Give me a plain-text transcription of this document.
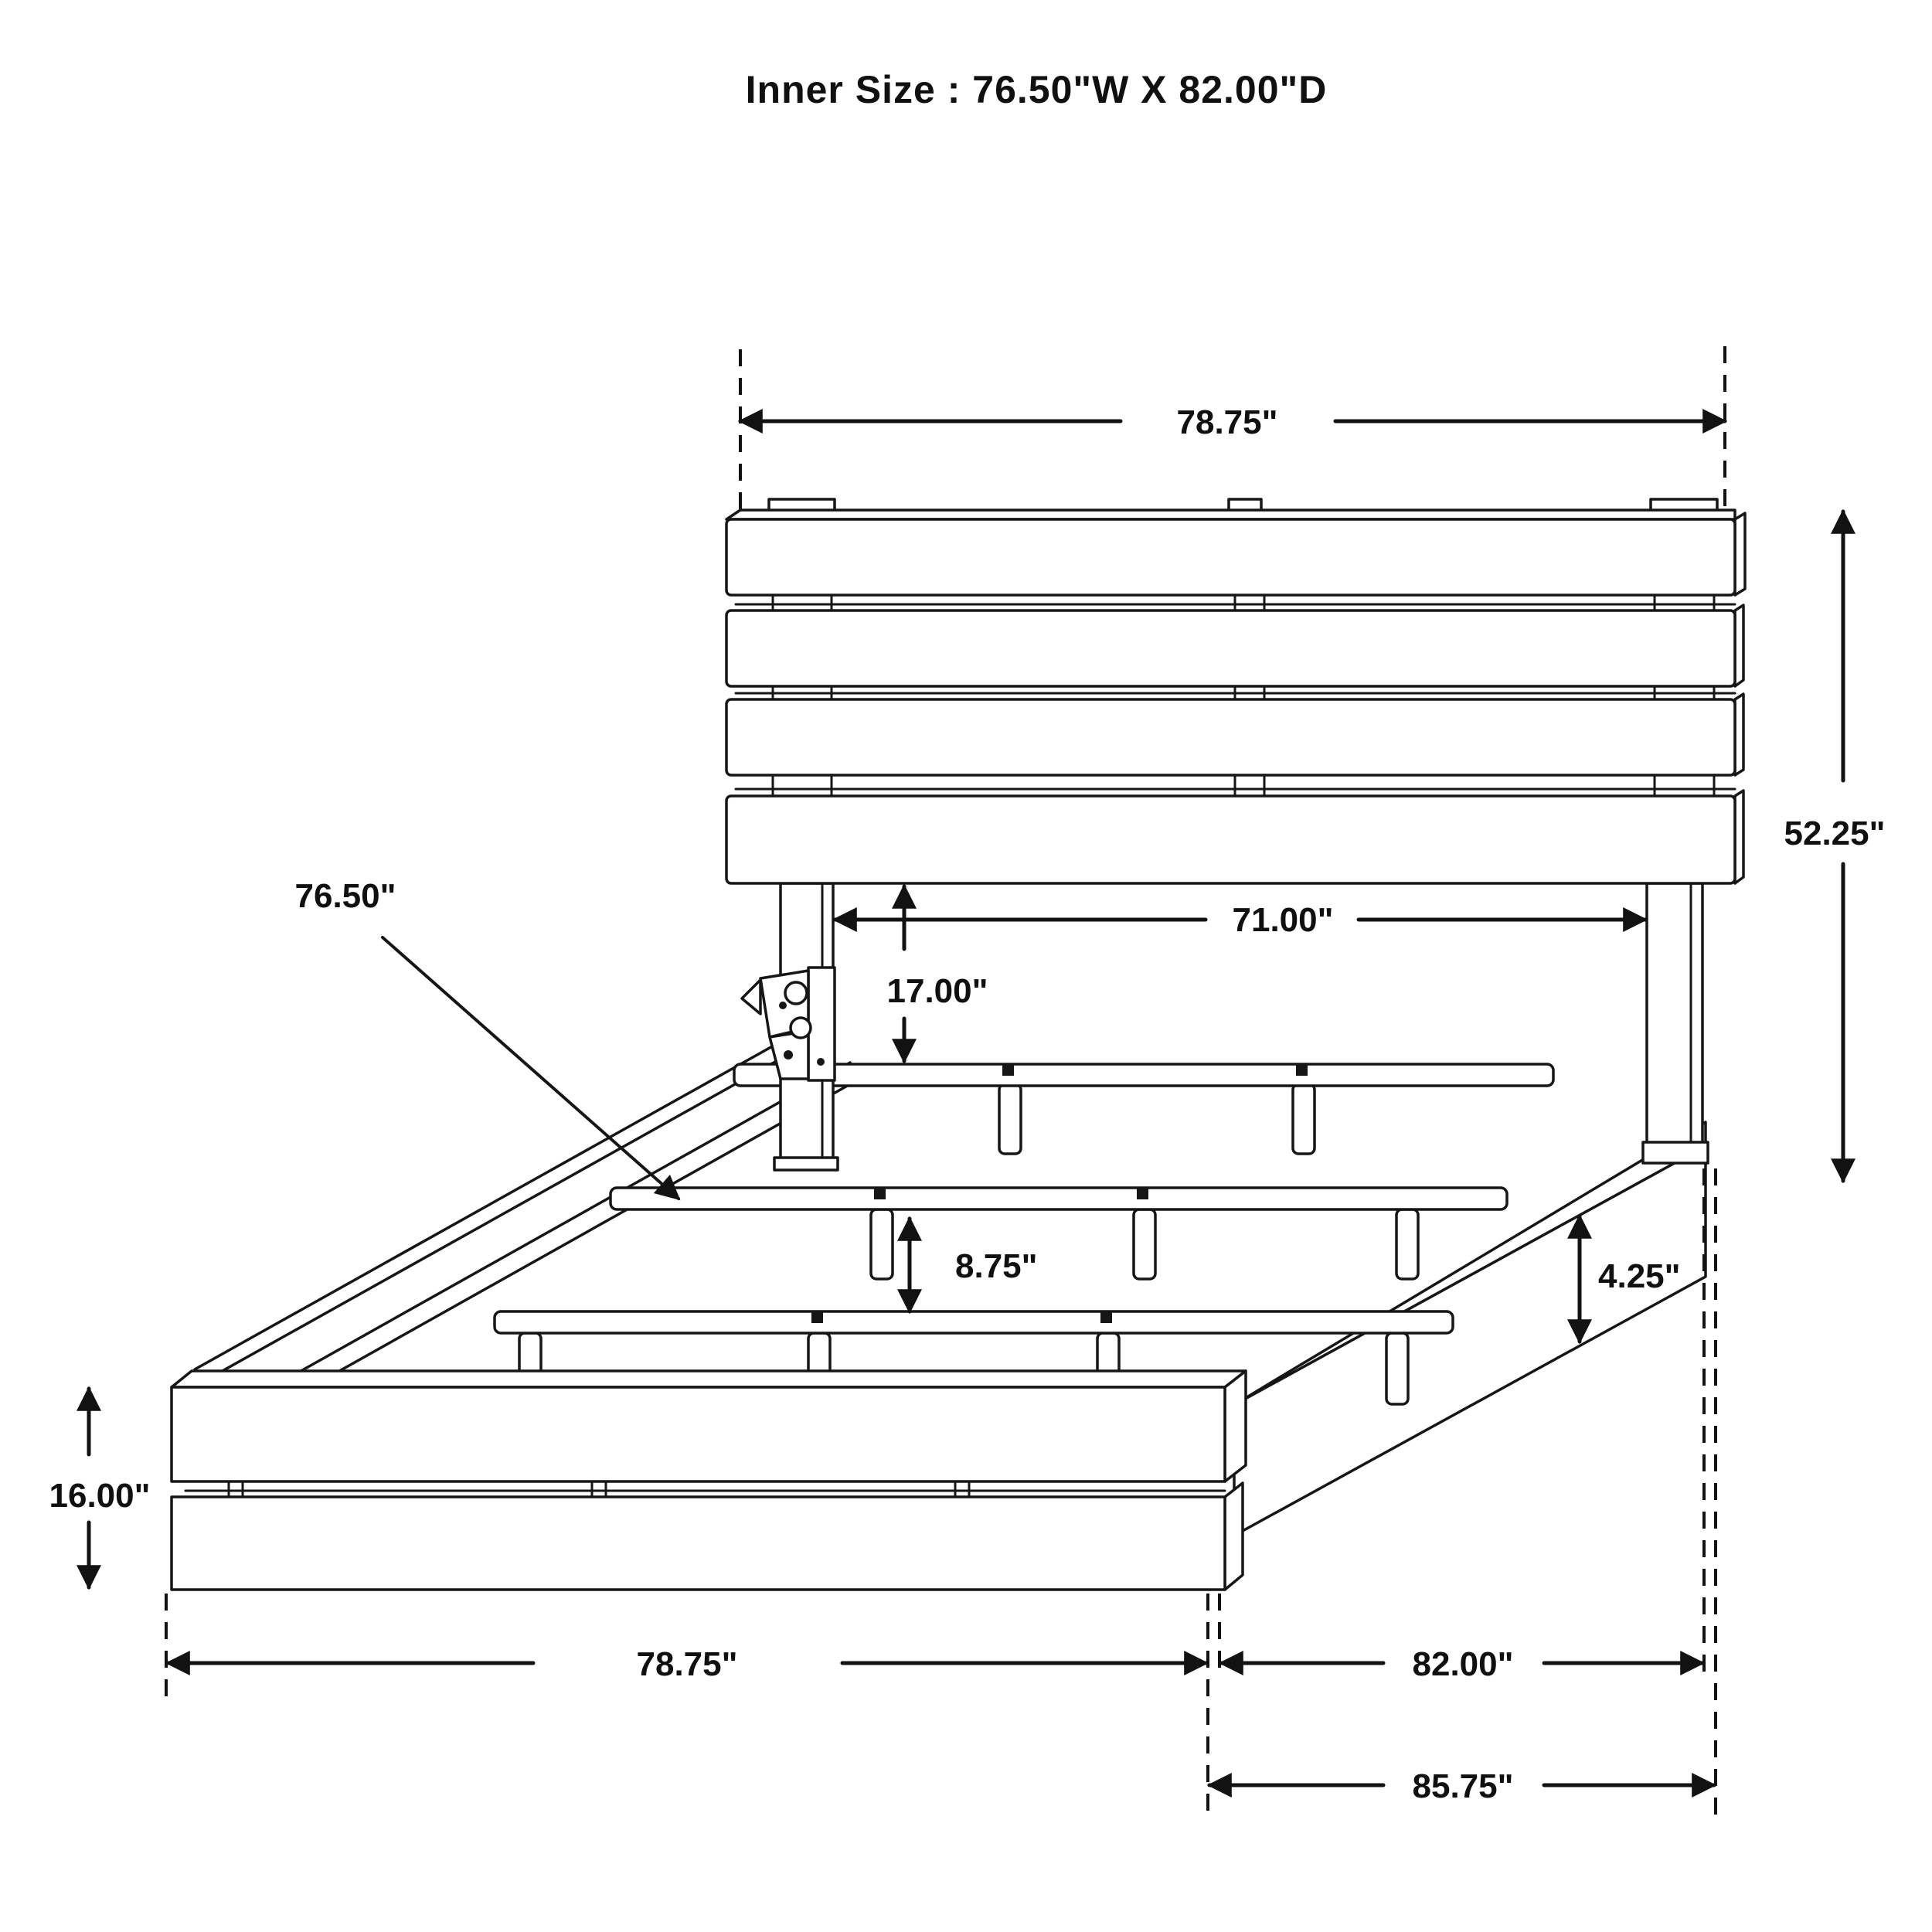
78.75"
52.25"
76.50"
71.00"
17.00"
8.75"	4.25"
16.00"
78.75"	82.00"
85.75"
Inner Size : 76.50"W X 82.00"D
